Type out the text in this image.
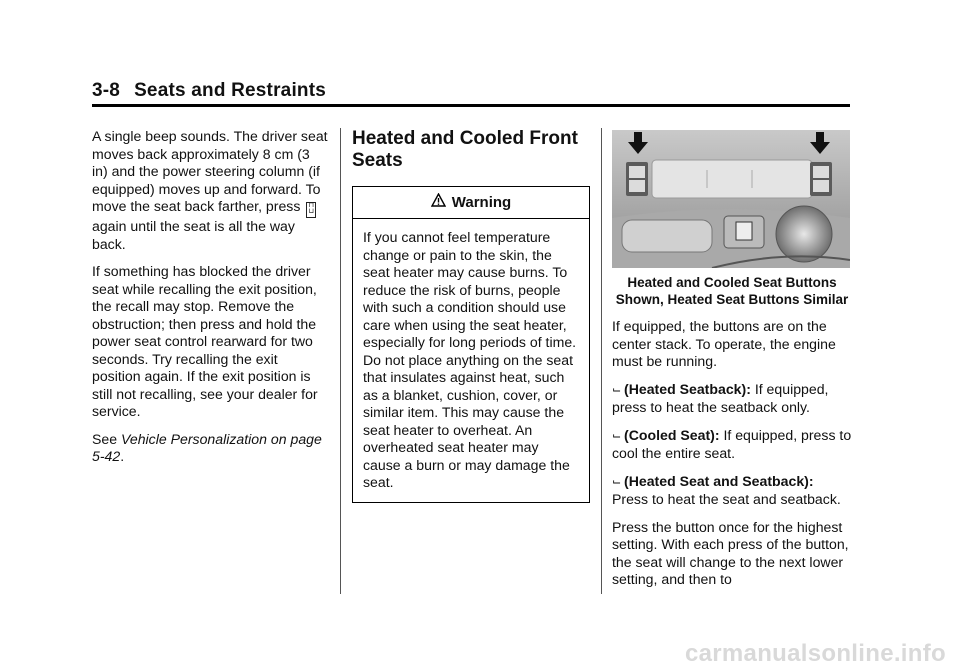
3-8 Seats and Restraints

A single beep sounds. The driver seat moves back approximately 8 cm (3 in) and the power steering column (if equipped) moves up and forward. To move the seat back farther, press ⊓
⊔ again until the seat is all the way back.

If something has blocked the driver seat while recalling the exit position, the recall may stop. Remove the obstruction; then press and hold the power seat control rearward for two seconds. Try recalling the exit position again. If the exit position is still not recalling, see your dealer for service.

See Vehicle Personalization on page 5-42.

Heated and Cooled Front Seats
Warning
If you cannot feel temperature change or pain to the skin, the seat heater may cause burns. To reduce the risk of burns, people with such a condition should use care when using the seat heater, especially for long periods of time. Do not place anything on the seat that insulates against heat, such as a blanket, cushion, cover, or similar item. This may cause the seat heater to overheat. An overheated seat heater may cause a burn or may damage the seat.
Heated and Cooled Seat Buttons Shown, Heated Seat Buttons Similar

If equipped, the buttons are on the center stack. To operate, the engine must be running.

⌙ (Heated Seatback): If equipped, press to heat the seatback only.

⌙ (Cooled Seat): If equipped, press to cool the entire seat.

⌙ (Heated Seat and Seatback): Press to heat the seat and seatback.

Press the button once for the highest setting. With each press of the button, the seat will change to the next lower setting, and then to

carmanualsonline.info
